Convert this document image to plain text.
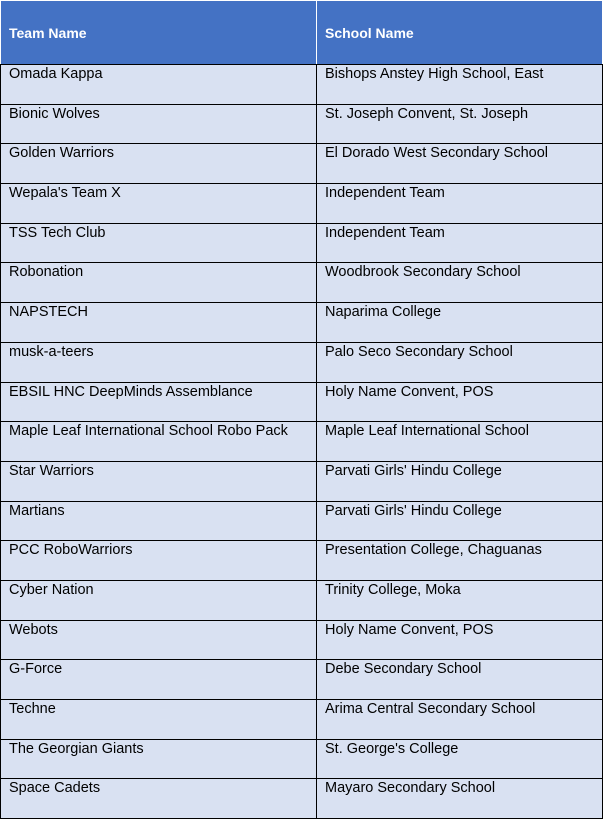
Team Name	School Name
Omada Kappa	Bishops Anstey High School, East
Bionic Wolves	St. Joseph Convent, St. Joseph
Golden Warriors	El Dorado West Secondary School
Wepala's Team X	Independent Team
TSS Tech Club	Independent Team
Robonation	Woodbrook Secondary School
NAPSTECH	Naparima College
musk-a-teers	Palo Seco Secondary School
EBSIL HNC DeepMinds Assemblance	Holy Name Convent, POS
Maple Leaf International School Robo Pack	Maple Leaf International School
Star Warriors	Parvati Girls' Hindu College
Martians	Parvati Girls' Hindu College
PCC RoboWarriors	Presentation College, Chaguanas
Cyber Nation	Trinity College, Moka
Webots	Holy Name Convent, POS
G-Force	Debe Secondary School
Techne	Arima Central Secondary School
The Georgian Giants	St. George's College
Space Cadets	Mayaro Secondary School
